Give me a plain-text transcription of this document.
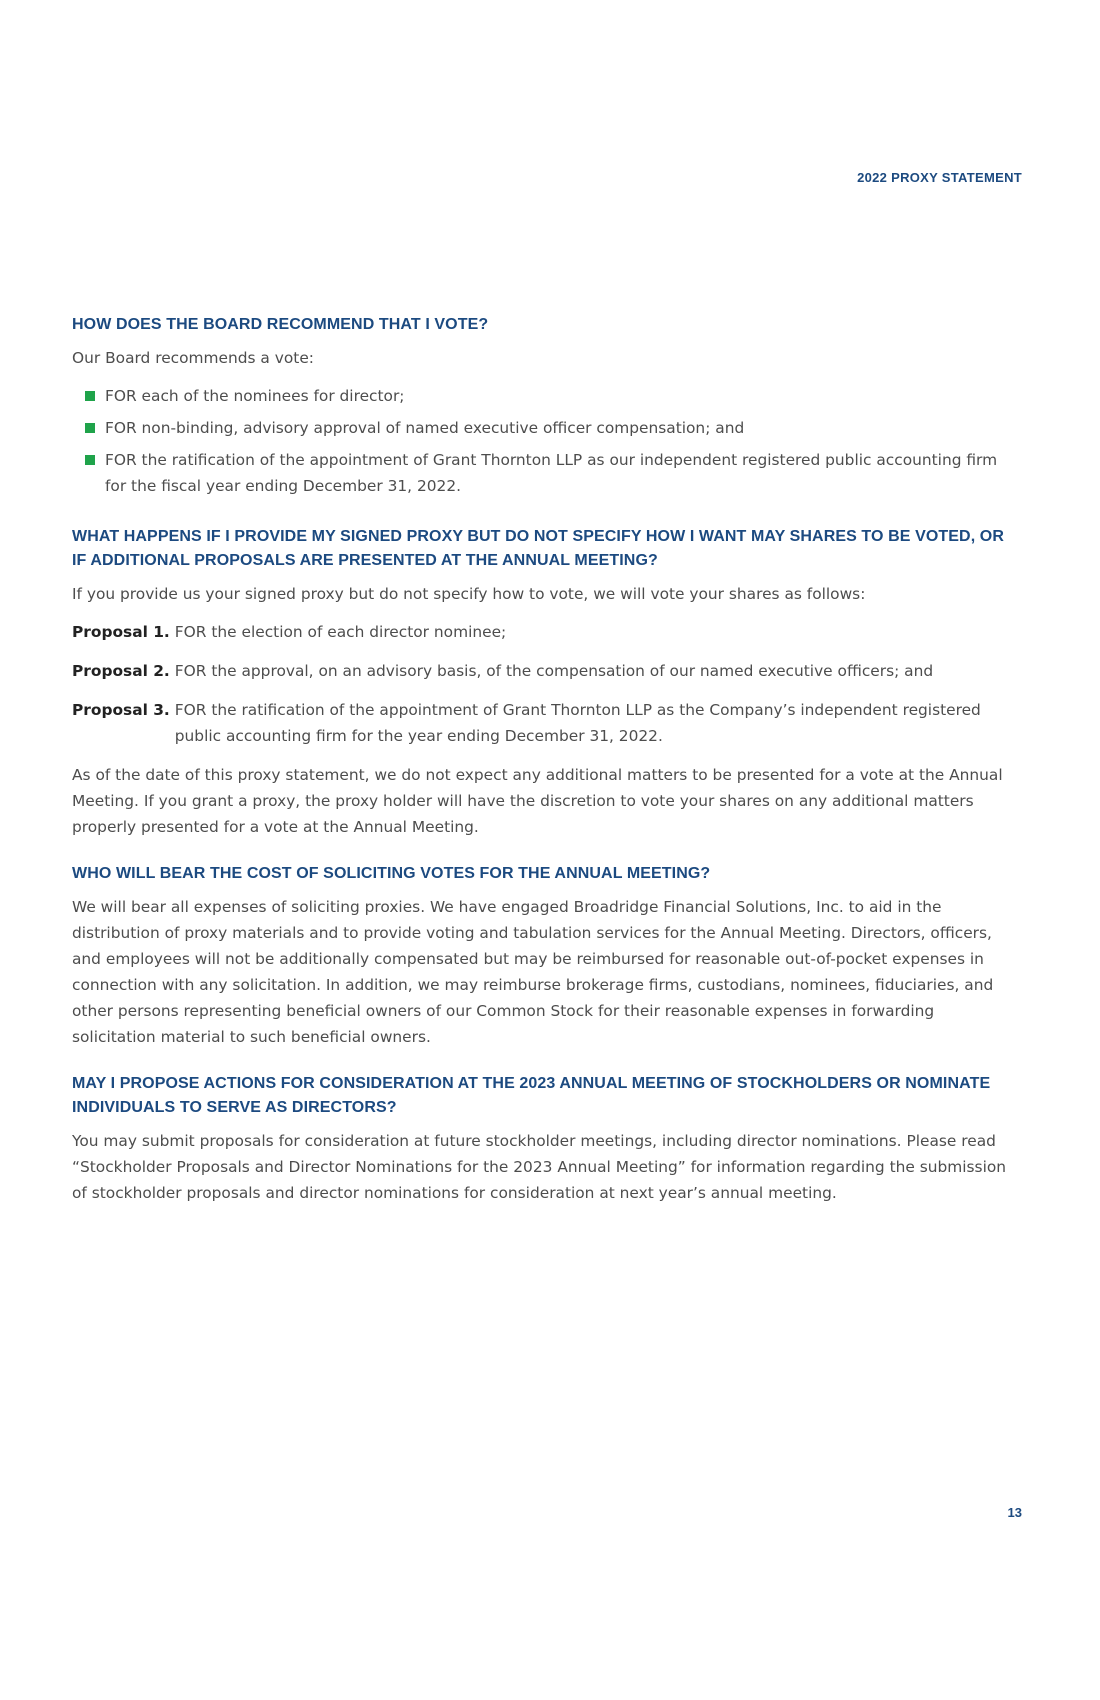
2022 PROXY STATEMENT
HOW DOES THE BOARD RECOMMEND THAT I VOTE?

Our Board recommends a vote:

FOR each of the nominees for director;
FOR non-binding, advisory approval of named executive officer compensation; and
FOR the ratification of the appointment of Grant Thornton LLP as our independent registered public accounting firm for the fiscal year ending December 31, 2022.
WHAT HAPPENS IF I PROVIDE MY SIGNED PROXY BUT DO NOT SPECIFY HOW I WANT MAY SHARES TO BE VOTED, OR IF ADDITIONAL PROPOSALS ARE PRESENTED AT THE ANNUAL MEETING?

If you provide us your signed proxy but do not specify how to vote, we will vote your shares as follows:

Proposal 1. FOR the election of each director nominee;
Proposal 2. FOR the approval, on an advisory basis, of the compensation of our named executive officers; and
Proposal 3. FOR the ratification of the appointment of Grant Thornton LLP as the Company’s independent registered public accounting firm for the year ending December 31, 2022.

As of the date of this proxy statement, we do not expect any additional matters to be presented for a vote at the Annual Meeting. If you grant a proxy, the proxy holder will have the discretion to vote your shares on any additional matters properly presented for a vote at the Annual Meeting.

WHO WILL BEAR THE COST OF SOLICITING VOTES FOR THE ANNUAL MEETING?

We will bear all expenses of soliciting proxies. We have engaged Broadridge Financial Solutions, Inc. to aid in the distribution of proxy materials and to provide voting and tabulation services for the Annual Meeting. Directors, officers, and employees will not be additionally compensated but may be reimbursed for reasonable out-of-pocket expenses in connection with any solicitation. In addition, we may reimburse brokerage firms, custodians, nominees, fiduciaries, and other persons representing beneficial owners of our Common Stock for their reasonable expenses in forwarding solicitation material to such beneficial owners.

MAY I PROPOSE ACTIONS FOR CONSIDERATION AT THE 2023 ANNUAL MEETING OF STOCKHOLDERS OR NOMINATE INDIVIDUALS TO SERVE AS DIRECTORS?

You may submit proposals for consideration at future stockholder meetings, including director nominations. Please read “Stockholder Proposals and Director Nominations for the 2023 Annual Meeting” for information regarding the submission of stockholder proposals and director nominations for consideration at next year’s annual meeting.

13
